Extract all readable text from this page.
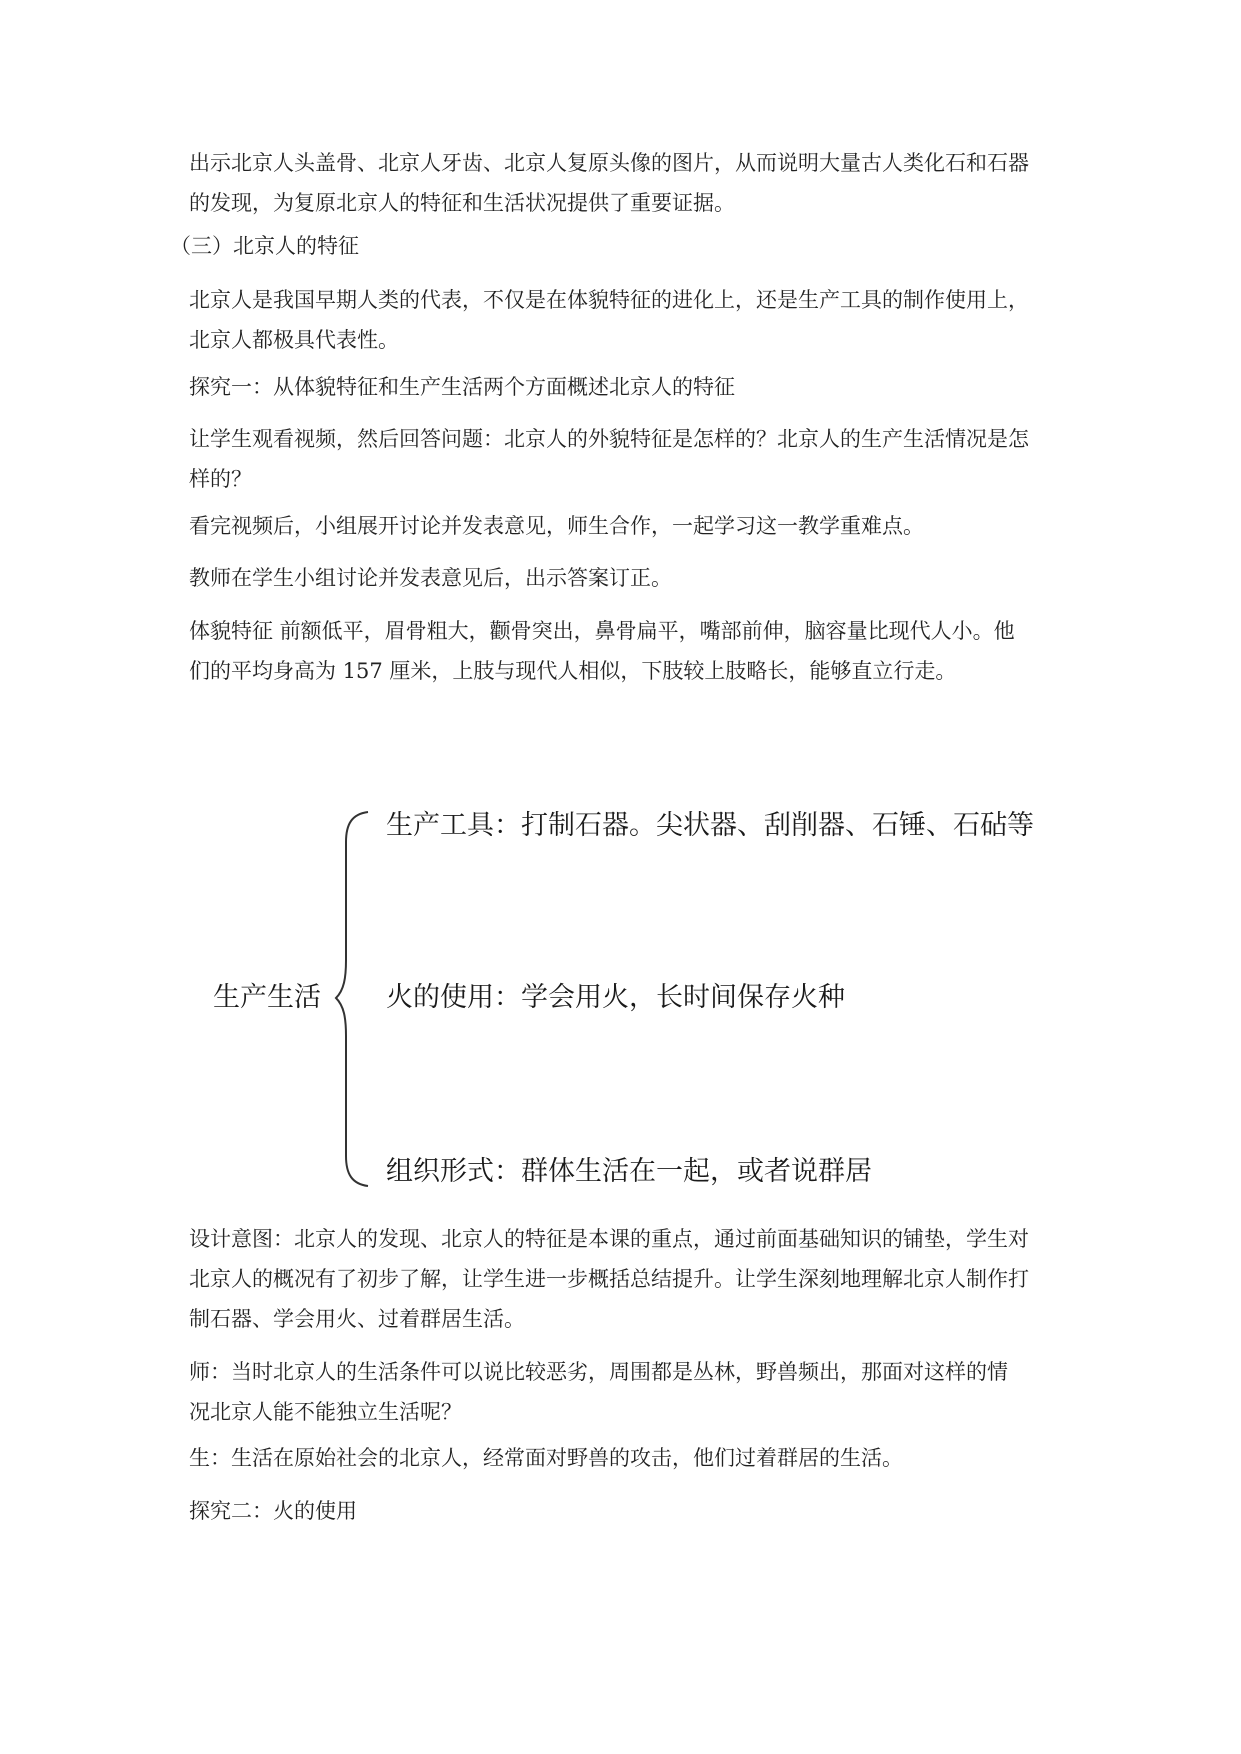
出示北京人头盖骨、北京人牙齿、北京人复原头像的图片，从而说明大量古人类化石和石器
的发现，为复原北京人的特征和生活状况提供了重要证据。

（三）北京人的特征

北京人是我国早期人类的代表，不仅是在体貌特征的进化上，还是生产工具的制作使用上，
北京人都极具代表性。

探究一：从体貌特征和生产生活两个方面概述北京人的特征

让学生观看视频，然后回答问题：北京人的外貌特征是怎样的？北京人的生产生活情况是怎
样的？

看完视频后，小组展开讨论并发表意见，师生合作，一起学习这一教学重难点。

教师在学生小组讨论并发表意见后，出示答案订正。

体貌特征 前额低平，眉骨粗大，颧骨突出，鼻骨扁平，嘴部前伸，脑容量比现代人小。他
们的平均身高为 157 厘米，上肢与现代人相似，下肢较上肢略长，能够直立行走。

生产生活
生产工具：打制石器。尖状器、刮削器、石锤、石砧等
火的使用：学会用火，长时间保存火种
组织形式：群体生活在一起，或者说群居

设计意图：北京人的发现、北京人的特征是本课的重点，通过前面基础知识的铺垫，学生对
北京人的概况有了初步了解，让学生进一步概括总结提升。让学生深刻地理解北京人制作打
制石器、学会用火、过着群居生活。

师：当时北京人的生活条件可以说比较恶劣，周围都是丛林，野兽频出，那面对这样的情
况北京人能不能独立生活呢？

生：生活在原始社会的北京人，经常面对野兽的攻击，他们过着群居的生活。

探究二：火的使用
